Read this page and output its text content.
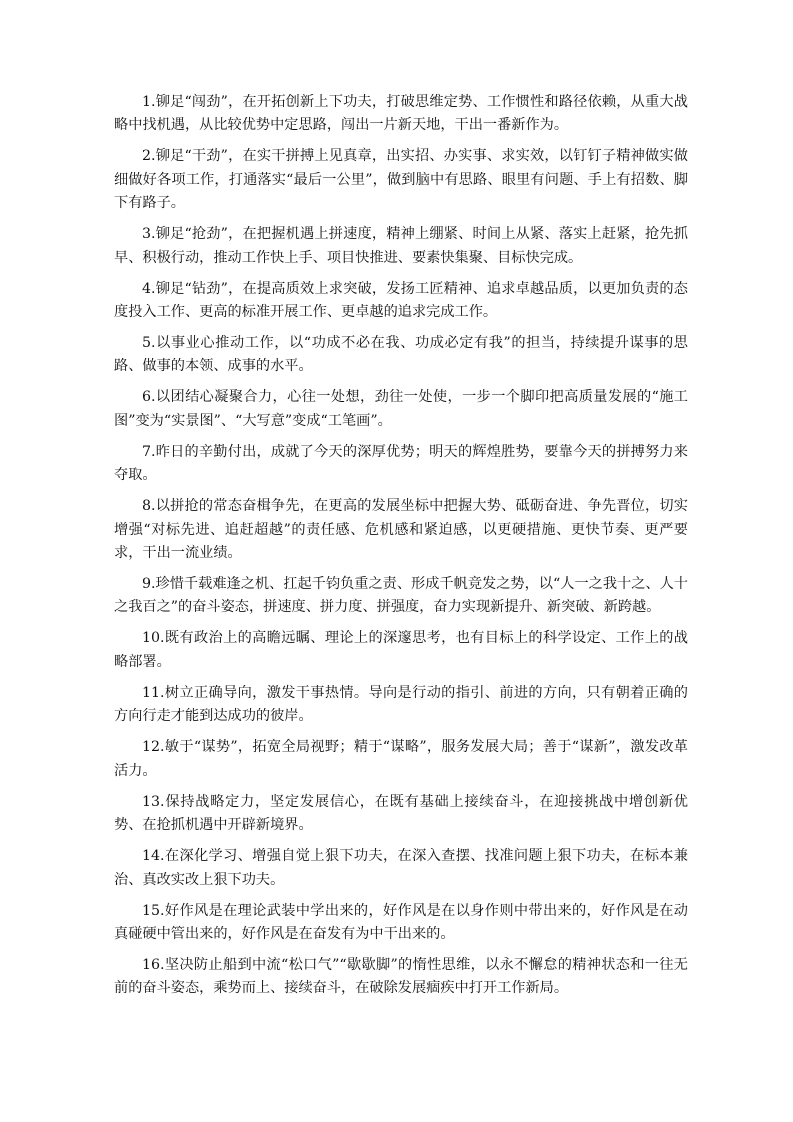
1.铆足“闯劲”，在开拓创新上下功夫，打破思维定势、工作惯性和路径依赖，从重大战略中找机遇，从比较优势中定思路，闯出一片新天地，干出一番新作为。

2.铆足“干劲”，在实干拼搏上见真章，出实招、办实事、求实效，以钉钉子精神做实做细做好各项工作，打通落实“最后一公里”，做到脑中有思路、眼里有问题、手上有招数、脚下有路子。

3.铆足“抢劲”，在把握机遇上拼速度，精神上绷紧、时间上从紧、落实上赶紧，抢先抓早、积极行动，推动工作快上手、项目快推进、要素快集聚、目标快完成。

4.铆足“钻劲”，在提高质效上求突破，发扬工匠精神、追求卓越品质，以更加负责的态度投入工作、更高的标准开展工作、更卓越的追求完成工作。

5.以事业心推动工作，以“功成不必在我、功成必定有我”的担当，持续提升谋事的思路、做事的本领、成事的水平。

6.以团结心凝聚合力，心往一处想，劲往一处使，一步一个脚印把高质量发展的“施工图”变为“实景图”、“大写意”变成“工笔画”。

7.昨日的辛勤付出，成就了今天的深厚优势；明天的辉煌胜势，要靠今天的拼搏努力来夺取。

8.以拼抢的常态奋楫争先，在更高的发展坐标中把握大势、砥砺奋进、争先晋位，切实增强“对标先进、追赶超越”的责任感、危机感和紧迫感，以更硬措施、更快节奏、更严要求，干出一流业绩。

9.珍惜千载难逢之机、扛起千钧负重之责、形成千帆竞发之势，以“人一之我十之、人十之我百之”的奋斗姿态，拼速度、拼力度、拼强度，奋力实现新提升、新突破、新跨越。

10.既有政治上的高瞻远瞩、理论上的深邃思考，也有目标上的科学设定、工作上的战略部署。

11.树立正确导向，激发干事热情。导向是行动的指引、前进的方向，只有朝着正确的方向行走才能到达成功的彼岸。

12.敏于“谋势”，拓宽全局视野；精于“谋略”，服务发展大局；善于“谋新”，激发改革活力。

13.保持战略定力，坚定发展信心，在既有基础上接续奋斗，在迎接挑战中增创新优势、在抢抓机遇中开辟新境界。

14.在深化学习、增强自觉上狠下功夫，在深入查摆、找准问题上狠下功夫，在标本兼治、真改实改上狠下功夫。

15.好作风是在理论武装中学出来的，好作风是在以身作则中带出来的，好作风是在动真碰硬中管出来的，好作风是在奋发有为中干出来的。

16.坚决防止船到中流“松口气”“歇歇脚”的惰性思维，以永不懈怠的精神状态和一往无前的奋斗姿态，乘势而上、接续奋斗，在破除发展痼疾中打开工作新局。
